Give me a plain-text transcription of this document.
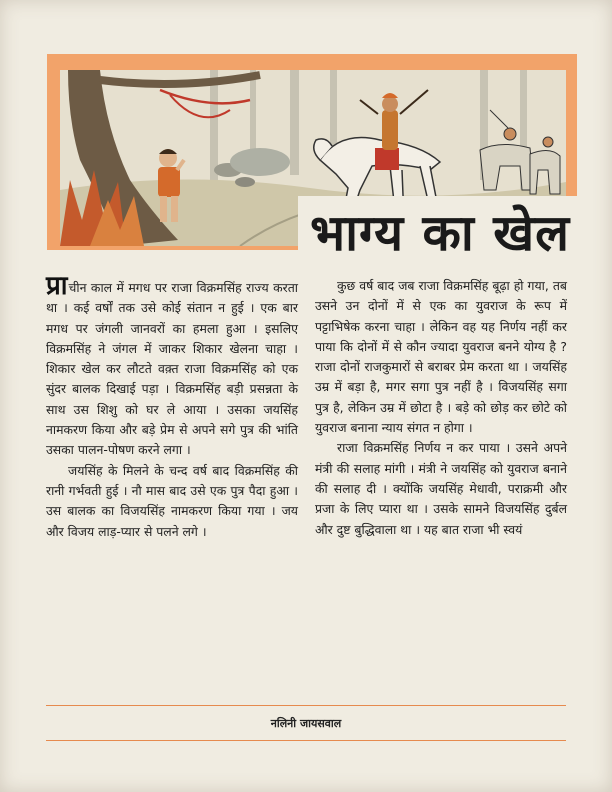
भाग्य का खेल

प्राचीन काल में मगध पर राजा विक्रमसिंह राज्य करता था । कई वर्षों तक उसे कोई संतान न हुई । एक बार मगध पर जंगली जानवरों का हमला हुआ । इसलिए विक्रमसिंह ने जंगल में जाकर शिकार खेलना चाहा । शिकार खेल कर लौटते वक़्त राजा विक्रमसिंह को एक सुंदर बालक दिखाई पड़ा । विक्रमसिंह बड़ी प्रसन्नता के साथ उस शिशु को घर ले आया । उसका जयसिंह नामकरण किया और बड़े प्रेम से अपने सगे पुत्र की भांति उसका पालन-पोषण करने लगा ।

जयसिंह के मिलने के चन्द वर्ष बाद विक्रमसिंह की रानी गर्भवती हुई । नौ मास बाद उसे एक पुत्र पैदा हुआ । उस बालक का विजयसिंह नामकरण किया गया । जय और विजय लाड़-प्यार से पलने लगे ।

कुछ वर्ष बाद जब राजा विक्रमसिंह बूढ़ा हो गया, तब उसने उन दोनों में से एक का युवराज के रूप में पट्टाभिषेक करना चाहा । लेकिन वह यह निर्णय नहीं कर पाया कि दोनों में से कौन ज्यादा युवराज बनने योग्य है ? राजा दोनों राजकुमारों से बराबर प्रेम करता था । जयसिंह उम्र में बड़ा है, मगर सगा पुत्र नहीं है । विजयसिंह सगा पुत्र है, लेकिन उम्र में छोटा है । बड़े को छोड़ कर छोटे को युवराज बनाना न्याय संगत न होगा ।

राजा विक्रमसिंह निर्णय न कर पाया । उसने अपने मंत्री की सलाह मांगी । मंत्री ने जयसिंह को युवराज बनाने की सलाह दी । क्योंकि जयसिंह मेधावी, पराक्रमी और प्रजा के लिए प्यारा था । उसके सामने विजयसिंह दुर्बल और दुष्ट बुद्धिवाला था । यह बात राजा भी स्वयं

नलिनी जायसवाल
